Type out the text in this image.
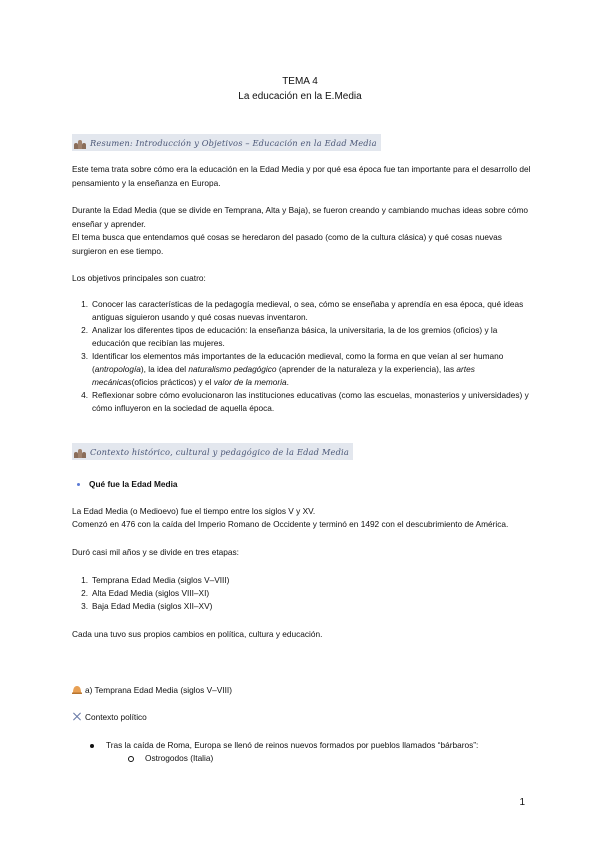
TEMA 4
La educación en la E.Media
Resumen: Introducción y Objetivos – Educación en la Edad Media
Este tema trata sobre cómo era la educación en la Edad Media y por qué esa época fue tan importante para el desarrollo del pensamiento y la enseñanza en Europa.
Durante la Edad Media (que se divide en Temprana, Alta y Baja), se fueron creando y cambiando muchas ideas sobre cómo enseñar y aprender.
El tema busca que entendamos qué cosas se heredaron del pasado (como de la cultura clásica) y qué cosas nuevas surgieron en ese tiempo.
Los objetivos principales son cuatro:
1. Conocer las características de la pedagogía medieval, o sea, cómo se enseñaba y aprendía en esa época, qué ideas antiguas siguieron usando y qué cosas nuevas inventaron.
2. Analizar los diferentes tipos de educación: la enseñanza básica, la universitaria, la de los gremios (oficios) y la educación que recibían las mujeres.
3. Identificar los elementos más importantes de la educación medieval, como la forma en que veían al ser humano (antropología), la idea del naturalismo pedagógico (aprender de la naturaleza y la experiencia), las artes mecánicas(oficios prácticos) y el valor de la memoria.
4. Reflexionar sobre cómo evolucionaron las instituciones educativas (como las escuelas, monasterios y universidades) y cómo influyeron en la sociedad de aquella época.
Contexto histórico, cultural y pedagógico de la Edad Media
Qué fue la Edad Media
La Edad Media (o Medioevo) fue el tiempo entre los siglos V y XV.
Comenzó en 476 con la caída del Imperio Romano de Occidente y terminó en 1492 con el descubrimiento de América.
Duró casi mil años y se divide en tres etapas:
1. Temprana Edad Media (siglos V–VIII)
2. Alta Edad Media (siglos VIII–XI)
3. Baja Edad Media (siglos XII–XV)
Cada una tuvo sus propios cambios en política, cultura y educación.
a) Temprana Edad Media (siglos V–VIII)
Contexto político
Tras la caída de Roma, Europa se llenó de reinos nuevos formados por pueblos llamados “bárbaros”:
Ostrogodos (Italia)
1
